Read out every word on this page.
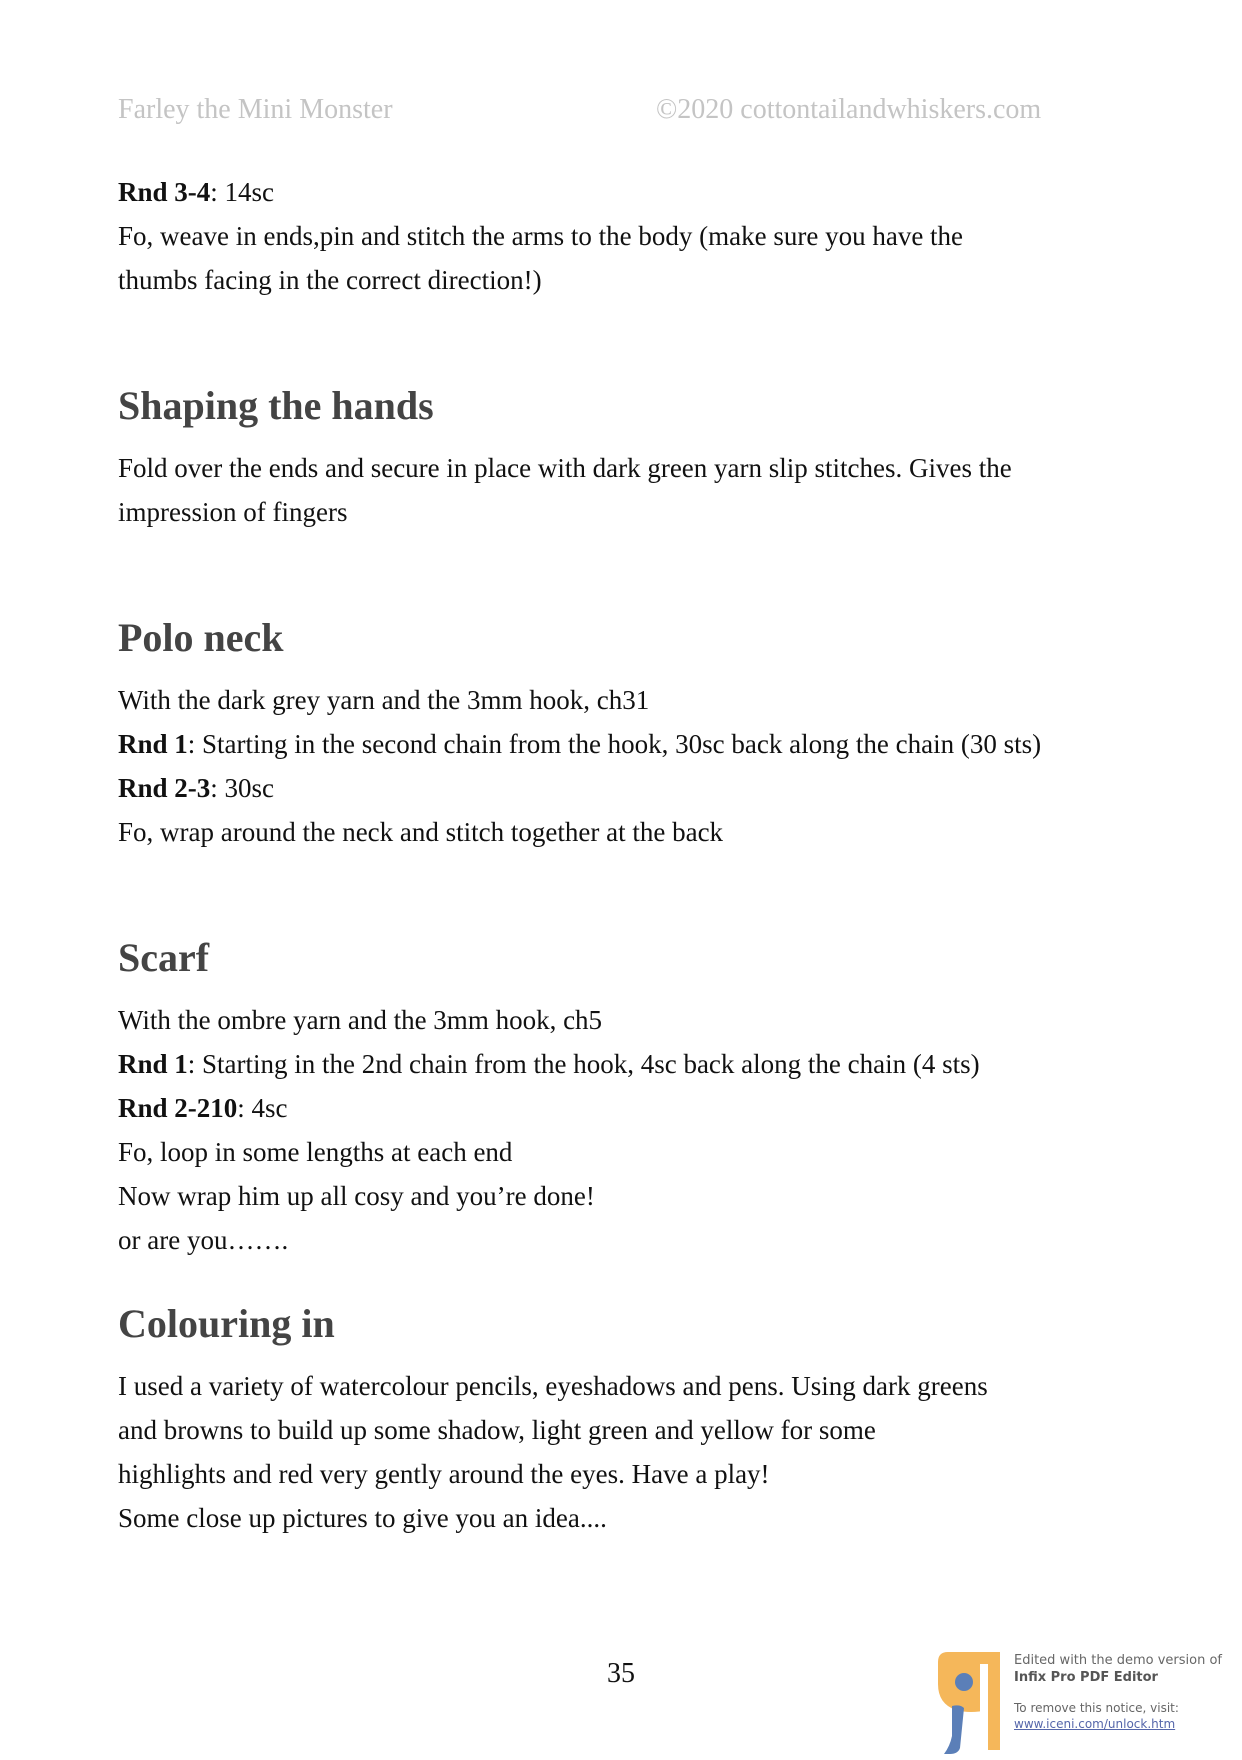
Farley the Mini Monster	©2020 cottontailandwhiskers.com
Rnd 3-4: 14sc
Fo, weave in ends,pin and stitch the arms to the body (make sure you have the
thumbs facing in the correct direction!)
Shaping the hands
Fold over the ends and secure in place with dark green yarn slip stitches. Gives the
impression of fingers
Polo neck
With the dark grey yarn and the 3mm hook, ch31
Rnd 1: Starting in the second chain from the hook, 30sc back along the chain (30 sts)
Rnd 2-3: 30sc
Fo, wrap around the neck and stitch together at the back
Scarf
With the ombre yarn and the 3mm hook, ch5
Rnd 1: Starting in the 2nd chain from the hook, 4sc back along the chain (4 sts)
Rnd 2-210: 4sc
Fo, loop in some lengths at each end
Now wrap him up all cosy and you’re done!
or are you…….
Colouring in
I used a variety of watercolour pencils, eyeshadows and pens. Using dark greens
and browns to build up some shadow, light green and yellow for some
highlights and red very gently around the eyes. Have a play!
Some close up pictures to give you an idea....
35	Edited with the demo version of
Infix Pro PDF Editor
To remove this notice, visit:
www.iceni.com/unlock.htm
